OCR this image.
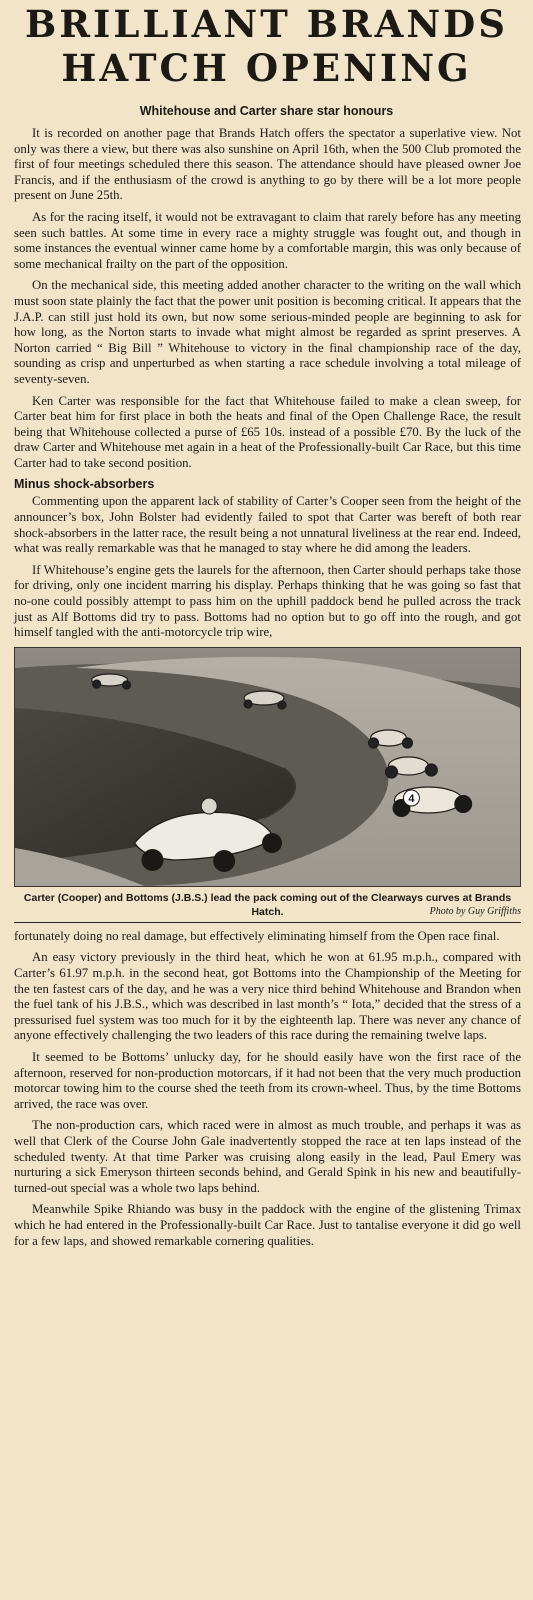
BRILLIANT BRANDS
HATCH OPENING
Whitehouse and Carter share star honours

It is recorded on another page that Brands Hatch offers the spectator a superlative view. Not only was there a view, but there was also sunshine on April 16th, when the 500 Club promoted the first of four meetings scheduled there this season. The attendance should have pleased owner Joe Francis, and if the enthusiasm of the crowd is anything to go by there will be a lot more people present on June 25th.

As for the racing itself, it would not be extravagant to claim that rarely before has any meeting seen such battles. At some time in every race a mighty struggle was fought out, and though in some instances the eventual winner came home by a comfortable margin, this was only because of some mechanical frailty on the part of the opposition.

On the mechanical side, this meeting added another character to the writing on the wall which must soon state plainly the fact that the power unit position is becoming critical. It appears that the J.A.P. can still just hold its own, but now some serious-minded people are beginning to ask for how long, as the Norton starts to invade what might almost be regarded as sprint preserves. A Norton carried “ Big Bill ” Whitehouse to victory in the final championship race of the day, sounding as crisp and unperturbed as when starting a race schedule involving a total mileage of seventy-seven.

Ken Carter was responsible for the fact that Whitehouse failed to make a clean sweep, for Carter beat him for first place in both the heats and final of the Open Challenge Race, the result being that Whitehouse collected a purse of £65 10s. instead of a possible £70. By the luck of the draw Carter and Whitehouse met again in a heat of the Professionally-built Car Race, but this time Carter had to take second position.

Minus shock-absorbers

Commenting upon the apparent lack of stability of Carter’s Cooper seen from the height of the announcer’s box, John Bolster had evidently failed to spot that Carter was bereft of both rear shock-absorbers in the latter race, the result being a not unnatural liveliness at the rear end. Indeed, what was really remarkable was that he managed to stay where he did among the leaders.

If Whitehouse’s engine gets the laurels for the afternoon, then Carter should perhaps take those for driving, only one incident marring his display. Perhaps thinking that he was going so fast that no-one could possibly attempt to pass him on the uphill paddock bend he pulled across the track just as Alf Bottoms did try to pass. Bottoms had no option but to go off into the rough, and got himself tangled with the anti-motorcycle trip wire,

4
Carter (Cooper) and Bottoms (J.B.S.) lead the pack coming out of the Clearways curves at Brands Hatch.	Photo by Guy Griffiths

fortunately doing no real damage, but effectively eliminating himself from the Open race final.

An easy victory previously in the third heat, which he won at 61.95 m.p.h., compared with Carter’s 61.97 m.p.h. in the second heat, got Bottoms into the Championship of the Meeting for the ten fastest cars of the day, and he was a very nice third behind Whitehouse and Brandon when the fuel tank of his J.B.S., which was described in last month’s “ Iota,” decided that the stress of a pressurised fuel system was too much for it by the eighteenth lap. There was never any chance of anyone effectively challenging the two leaders of this race during the remaining twelve laps.

It seemed to be Bottoms’ unlucky day, for he should easily have won the first race of the afternoon, reserved for non-production motorcars, if it had not been that the very much production motorcar towing him to the course shed the teeth from its crown-wheel. Thus, by the time Bottoms arrived, the race was over.

The non-production cars, which raced were in almost as much trouble, and perhaps it was as well that Clerk of the Course John Gale inadvertently stopped the race at ten laps instead of the scheduled twenty. At that time Parker was cruising along easily in the lead, Paul Emery was nurturing a sick Emeryson thirteen seconds behind, and Gerald Spink in his new and beautifully-turned-out special was a whole two laps behind.

Meanwhile Spike Rhiando was busy in the paddock with the engine of the glistening Trimax which he had entered in the Professionally-built Car Race. Just to tantalise everyone it did go well for a few laps, and showed remarkable cornering qualities.
